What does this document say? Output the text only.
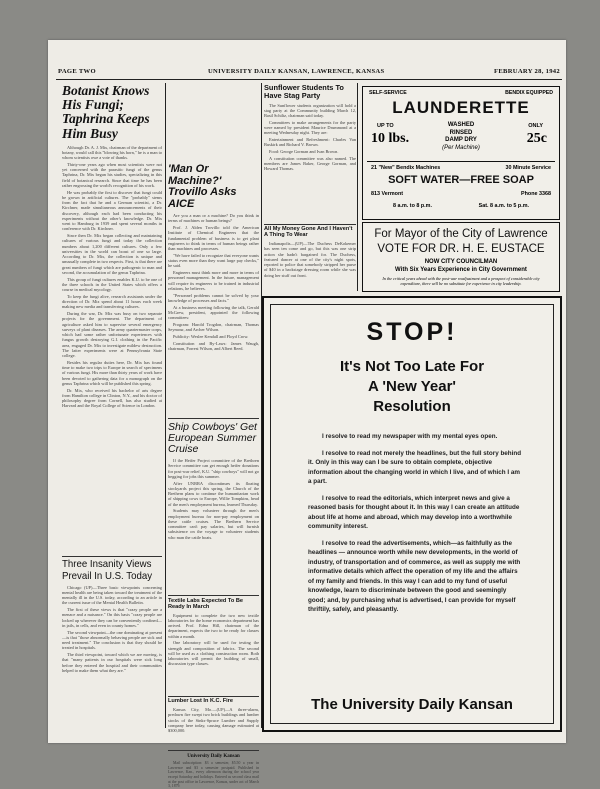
PAGE TWO	UNIVERSITY DAILY KANSAN, LAWRENCE, KANSAS	FEBRUARY 28, 1942
Botanist Knows His Fungi; Taphrina Keeps Him Busy

Although Dr. A. J. Mix, chairman of the department of botany, would call this "blowing his horn," he is a man to whom scientists owe a vote of thanks.

Thirty-one years ago when most scientists were not yet concerned with the parasitic fungi of the genus Taphrina, Dr. Mix began his studies, specializing in this field of botanical research. Since that time he has been rather engrossing the world's recognition of his work.

He was probably the first to discover that fungi could be grown in artificial cultures. The "probably" stems from the fact that he and a German scientist, a Dr. Kirchner, made simultaneous announcements of their discovery, although each had been conducting his experiments without the other's knowledge. Dr. Mix went to Hamburg in 1939 and spent several months in conference with Dr. Kirchner.

Since then Dr. Mix began collecting and maintaining cultures of various fungi and today the collection numbers about 1,200 different cultures. Only a few universities in the world can boast of one so large. According to Dr. Mix, the collection is unique and unusually complete in two respects. First, is that there are great numbers of fungi which are pathogenic to man and second, the accumulation of the genus Taphrina.

This group of fungi cultures enables K.U. to be one of the three schools in the United States which offers a course in medical mycology.

To keep the fungi alive, research assistants under the direction of Dr. Mix spend about 11 hours each week making new media and transferring cultures.

During the war, Dr. Mix was busy on two separate projects for the government. The department of agriculture asked him to supervise several emergency surveys of plant diseases. The army quartermaster corps, which had some rather unfortunate experiences with fungus growth destroying G.I. clothing in the Pacific area, engaged Dr. Mix to investigate mildew destruction. The latter experiments were at Pennsylvania State college.

Besides his regular duties here, Dr. Mix has found time to make two trips to Europe in search of specimens of various fungi. His more than thirty years of work have been devoted to gathering data for a monograph on the genus Taphrina which will be published this spring.

Dr. Mix, who received his bachelor of arts degree from Hamilton college in Clinton, N.Y., and his doctor of philosophy degree from Cornell, has also studied at Harvard and the Royal College of Science in London.

Three Insanity Views Prevail In U.S. Today

Chicago (UP)—Three basic viewpoints concerning mental health are being taken toward the treatment of the mentally ill in the U.S. today, according to an article in the current issue of the Mental Health Bulletin.

The first of these views is that "crazy people are a menace and a nuisance." On this basis "crazy people are locked up wherever they can be conveniently confined—in jails, in cells, and even in county homes."

The second viewpoint—the one dominating at present—is that "those abnormally behaving people are sick and need treatment." The conclusion is that they should be treated in hospitals.

The third viewpoint, toward which we are moving, is that "many patients in our hospitals were sick long before they entered the hospital and their communities helped to make them what they are."

'Man Or Machine?' Trovillo Asks AICE

Are you a man or a machine? Do you think in terms of machines or human beings?

Prof. J. Alden Trovillo told the American Institute of Chemical Engineers that the fundamental problem of business is to get plant engineers to think in terms of human beings rather than machines and processes.

"We have failed to recognize that everyone wants status even more than they want large pay checks," he said.

Engineers must think more and more in terms of personnel management. In the future, management will require its engineers to be trained in industrial relations, he believes.

"Personnel problems cannot be solved by your knowledge of processes and facts."

At a business meeting following the talk, Gerald McGrew, president, appointed the following committees:

Program: Harold Trogdon, chairman, Thomas Seymour, and Archer Wilson.

Publicity: Weslee Kendall and Floyd Crow.

Constitution and By-Laws: James Waugh, chairman, Forrest Wilson, and Albert Reed.

Ship Cowboys' Get European Summer Cruise

If the Heifer Project committee of the Brethren Service committee can get enough heifer donations for post-war relief, K.U. "ship cowboys" will not go begging for jobs this summer.

After UNRRA discontinues its floating stockyards project this spring, the Church of the Brethern plans to continue the humanitarian work of shipping cows to Europe, Willie Tompkins, head of the men's employment bureau, learned Thursday.

Students may volunteer through the men's employment bureau for non-pay employment on these cattle cruises. The Brethern Service committee can't pay salaries, but will furnish subsistence on the voyage to volunteer students who man the cattle boats.

Textile Labs Expected To Be Ready In March

Equipment to complete the two new textile laboratories for the home economics department has arrived. Prof. Edna Hill, chairman of the department, expects the two to be ready for classes within a month.

One laboratory will be used for testing the strength and composition of fabrics. The second will be used as a clothing construction room. Both laboratories will permit the building of small, discussion type classes.

Lumber Lost In K.C. Fire

Kansas City, Mo.—(UP)—A three-alarm, predawn fire swept two brick buildings and lumber stocks of the Sinks-Spruce Lumber and Supply company here today, causing damage estimated at $300,000.

University Daily Kansan

Mail subscription: $3 a semester, $5.50 a year in Lawrence and $3 a semester postpaid. Published in Lawrence, Kan., every afternoon during the school year except Saturday and holidays. Entered as second class mail at the post office in Lawrence, Kansas, under act of March 3, 1879.

Sunflower Students To Have Stag Party

The Sunflower students organization will hold a stag party at the Community building March 12, Basil Schiltz, chairman said today.

Committees to make arrangements for the party were named by president Maurice Drummond at a meeting Wednesday night. They are:

Entertainment and Refreshment: Charles Van Buskirk and Richard V. Brown.

Food: George Gorman and Ivan Brown.

A constitution committee was also named. The members are James Baker, George Gorman, and Howard Thomas.

All My Money Gone And I Haven't A Thing To Wear

Indianapolis—(UP)—The Duchess DeKokemer has seen ten come and go, but this was one strip action she hadn't bargained for. The Duchess, featured dancer at one of the city's night spots, reported to police that somebody stripped her purse of $40 in a backstage dressing room while she was doing her stuff out front.

SELF-SERVICE	BENDIX EQUIPPED
LAUNDERETTE
UP TO
10 lbs.
WASHED
RINSED
DAMP DRY
(Per Machine)
ONLY
25c
21 "New" Bendix Machines	30 Minute Service
SOFT WATER—FREE SOAP
813 Vermont	Phone 3368
8 a.m. to 8 p.m.	Sat. 8 a.m. to 5 p.m.
For Mayor of the City of Lawrence
VOTE FOR DR. H. E. EUSTACE
NOW CITY COUNCILMAN
With Six Years Experience in City Government
In the critical years ahead with the post-war readjustment and a prospect of considerable city expenditure, there will be no substitute for experience in city leadership.
STOP!
It's Not Too Late For
A 'New Year'
Resolution

I resolve to read my newspaper with my mental eyes open.

I resolve to read not merely the headlines, but the full story behind it. Only in this way can I be sure to obtain complete, objective information about the changing world in which I live, and of which I am a part.

I resolve to read the editorials, which interpret news and give a reasoned basis for thought about it. In this way I can create an attitude about life at home and abroad, which may develop into a worthwhile community interest.

I resolve to read the advertisements, which—as faithfully as the headlines — announce worth while new developments, in the world of industry, of transportation and of commerce, as well as supply me with informative details which affect the operation of my life and the affairs of my family and friends. In this way I can add to my fund of useful knowledge, learn to discriminate between the good and seemingly good; and, by purchasing what is advertised, I can provide for myself thriftily, safely, and pleasantly.

The University Daily Kansan
